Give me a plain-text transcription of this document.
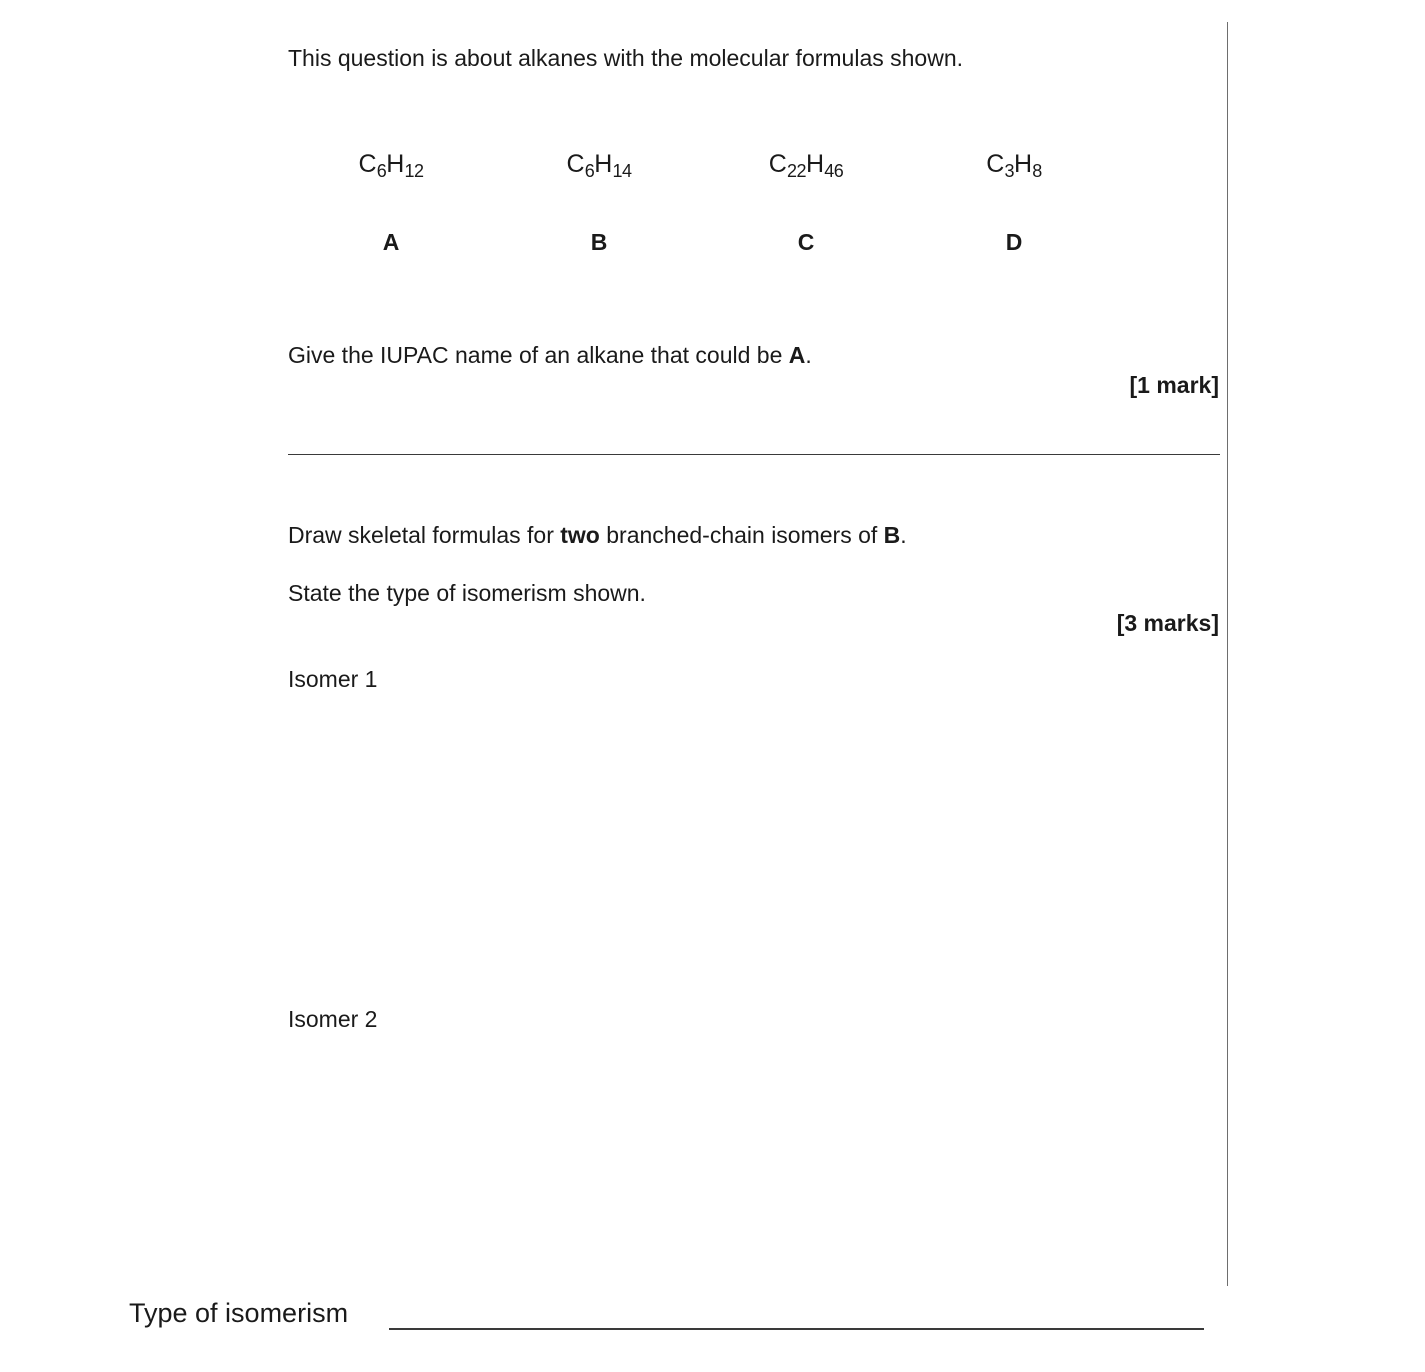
This question is about alkanes with the molecular formulas shown.
$C_6H_{12}$	$C_6H_{14}$	$C_{22}H_{46}$	$C_3H_8$
A	B	C	D
Give the IUPAC name of an alkane that could be A.
[1 mark]
Draw skeletal formulas for two branched-chain isomers of B.
State the type of isomerism shown.
[3 marks]
Isomer 1
Isomer 2
Type of isomerism
